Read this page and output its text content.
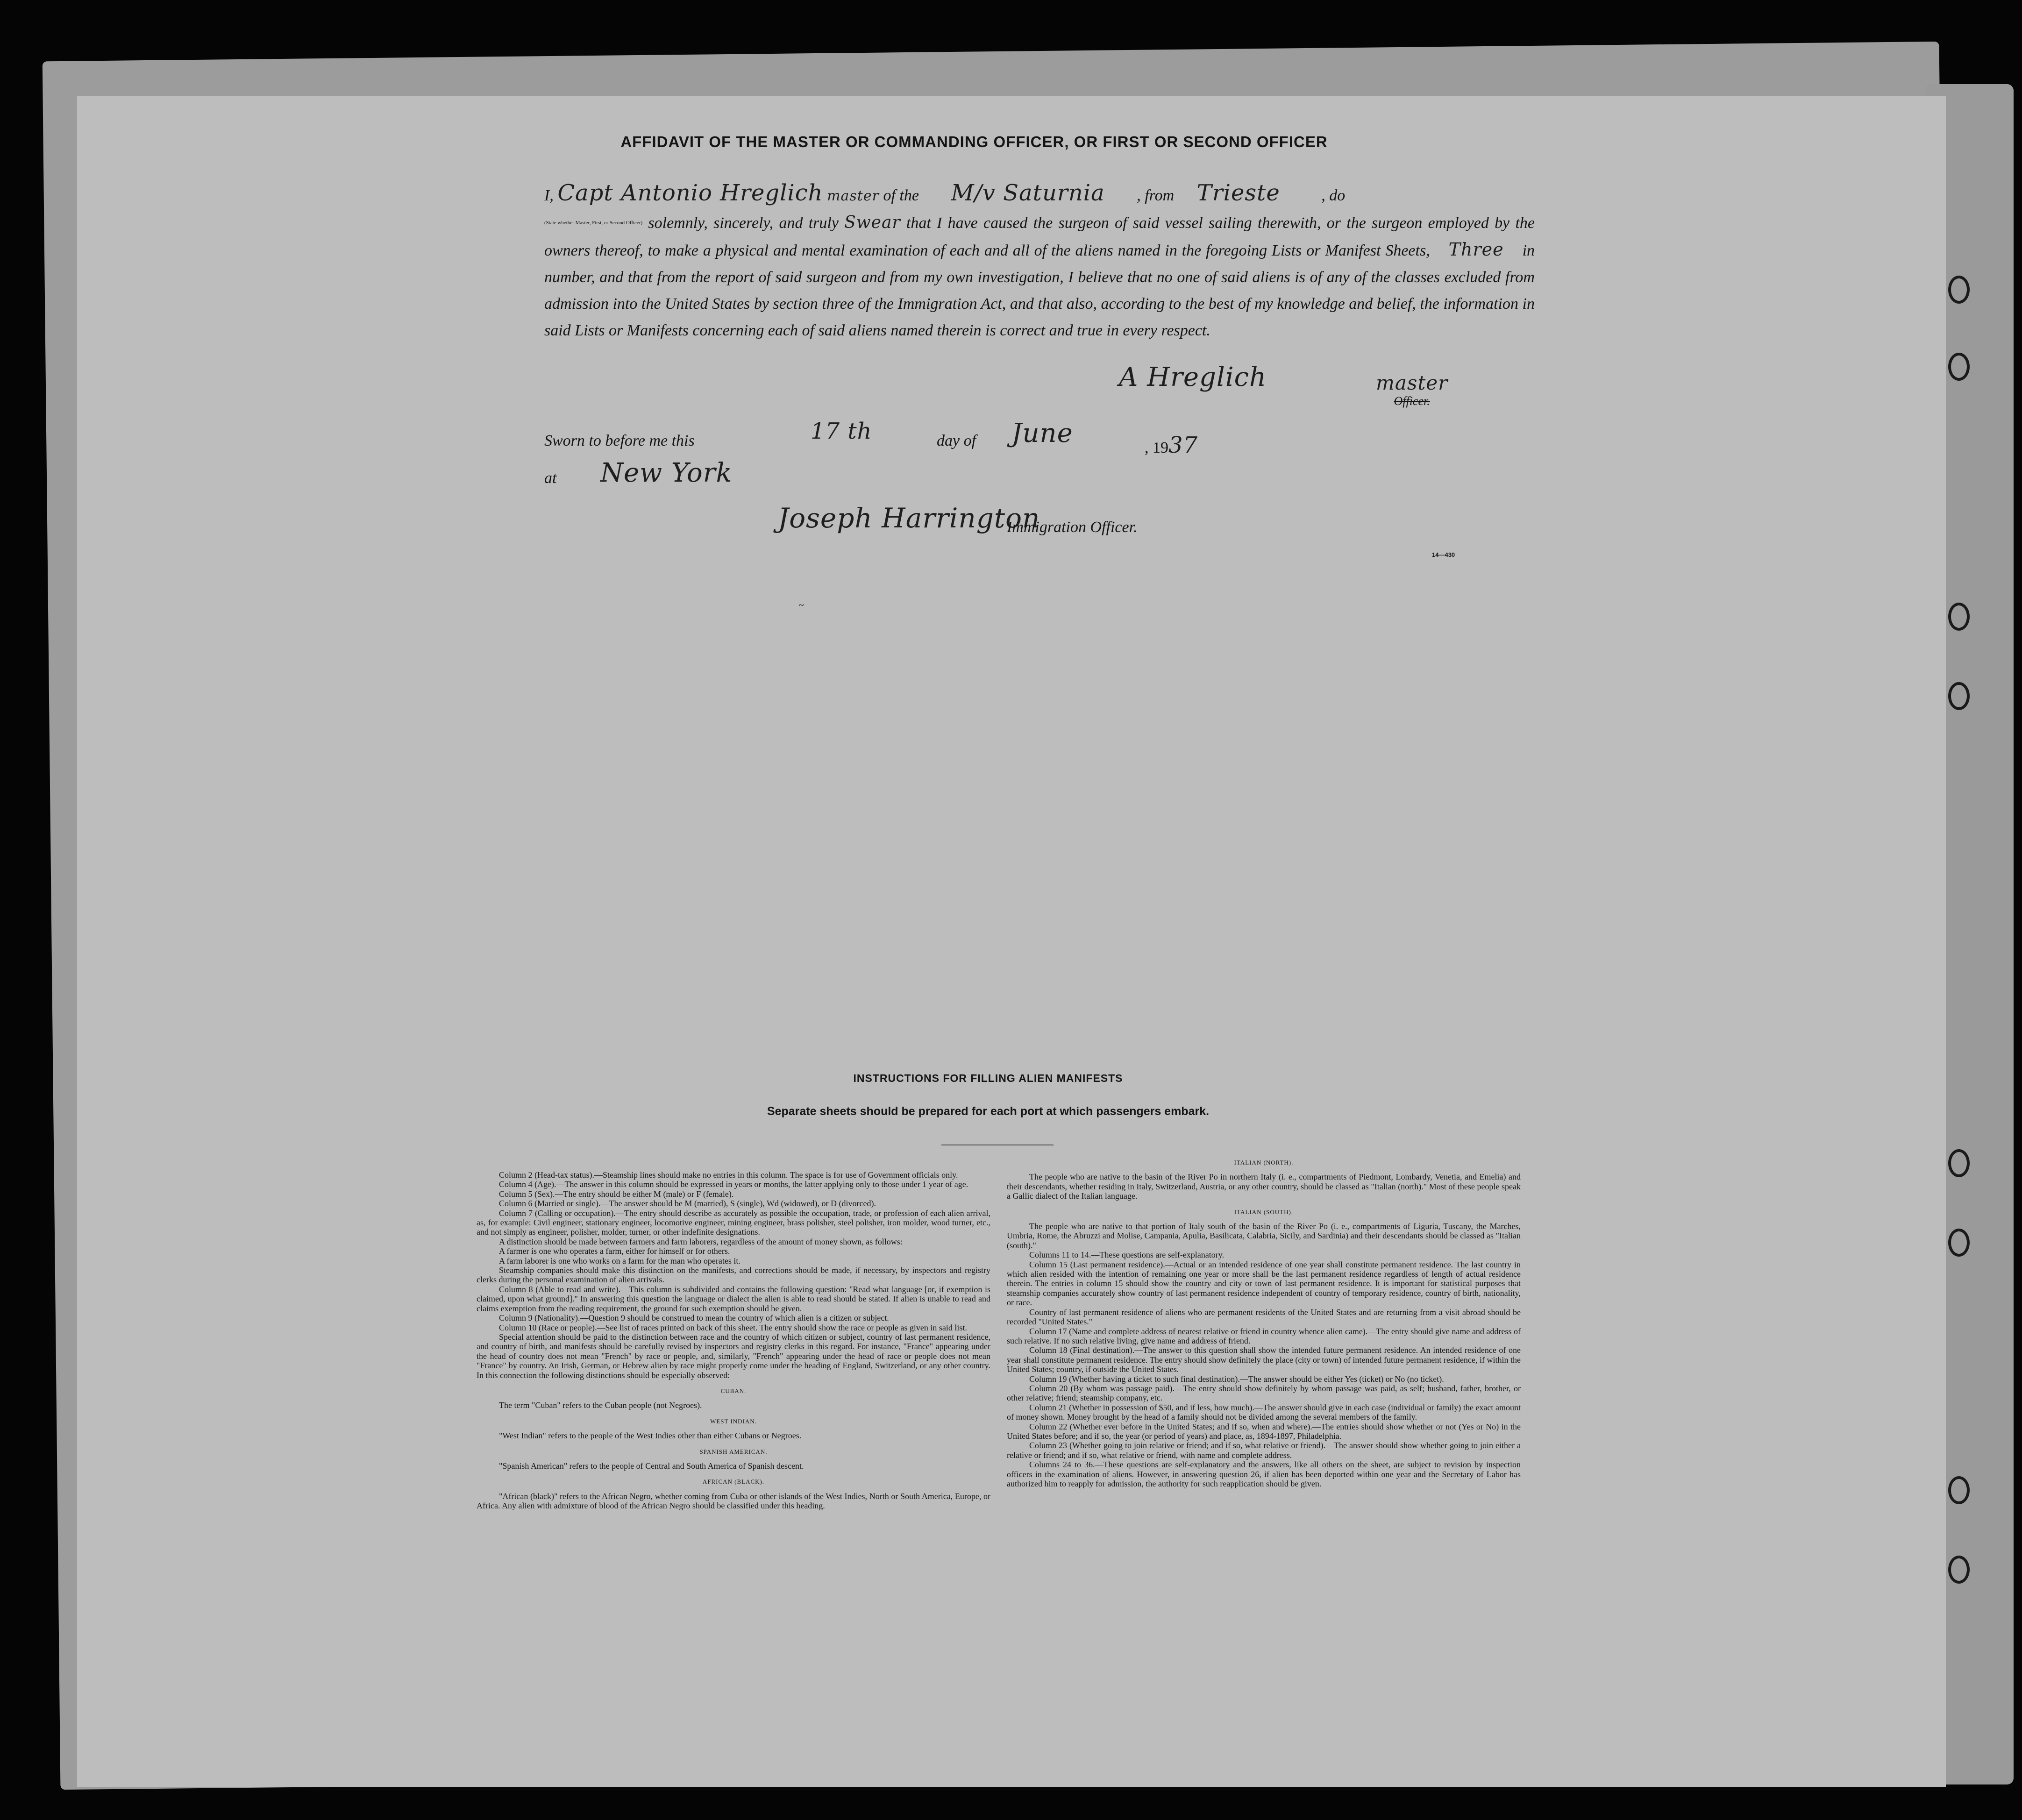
AFFIDAVIT OF THE MASTER OR COMMANDING OFFICER, OR FIRST OR SECOND OFFICER
I, Capt Antonio Hreglich master of the M/v Saturnia , from Trieste	, do
(State whether Master, First, or Second Officer) solemnly, sincerely, and truly Swear that I have caused the surgeon of said vessel sailing therewith, or the surgeon employed by the owners thereof, to make a physical and mental examination of each and all of the aliens named in the foregoing Lists or Manifest Sheets, Three in number, and that from the report of said surgeon and from my own investigation, I believe that no one of said aliens is of any of the classes excluded from admission into the United States by section three of the Immigration Act, and that also, according to the best of my knowledge and belief, the information in said Lists or Manifests concerning each of said aliens named therein is correct and true in every respect.
A Hreglich	master
Officer.
Sworn to before me this	17 th	day of June	, 1937
at New York
Joseph Harrington
Immigration Officer.
14—430
~
INSTRUCTIONS FOR FILLING ALIEN MANIFESTS
Separate sheets should be prepared for each port at which passengers embark.

Column 2 (Head-tax status).—Steamship lines should make no entries in this column. The space is for use of Government officials only.

Column 4 (Age).—The answer in this column should be expressed in years or months, the latter applying only to those under 1 year of age.

Column 5 (Sex).—The entry should be either M (male) or F (female).

Column 6 (Married or single).—The answer should be M (married), S (single), Wd (widowed), or D (divorced).

Column 7 (Calling or occupation).—The entry should describe as accurately as possible the occupation, trade, or profession of each alien arrival, as, for example: Civil engineer, stationary engineer, locomotive engineer, mining engineer, brass polisher, steel polisher, iron molder, wood turner, etc., and not simply as engineer, polisher, molder, turner, or other indefinite designations.

A distinction should be made between farmers and farm laborers, regardless of the amount of money shown, as follows:

A farmer is one who operates a farm, either for himself or for others.

A farm laborer is one who works on a farm for the man who operates it.

Steamship companies should make this distinction on the manifests, and corrections should be made, if necessary, by inspectors and registry clerks during the personal examination of alien arrivals.

Column 8 (Able to read and write).—This column is subdivided and contains the following question: "Read what language [or, if exemption is claimed, upon what ground]." In answering this question the language or dialect the alien is able to read should be stated. If alien is unable to read and claims exemption from the reading requirement, the ground for such exemption should be given.

Column 9 (Nationality).—Question 9 should be construed to mean the country of which alien is a citizen or subject.

Column 10 (Race or people).—See list of races printed on back of this sheet. The entry should show the race or people as given in said list.

Special attention should be paid to the distinction between race and the country of which citizen or subject, country of last permanent residence, and country of birth, and manifests should be carefully revised by inspectors and registry clerks in this regard. For instance, "France" appearing under the head of country does not mean "French" by race or people, and, similarly, "French" appearing under the head of race or people does not mean "France" by country. An Irish, German, or Hebrew alien by race might properly come under the heading of England, Switzerland, or any other country. In this connection the following distinctions should be especially observed:

CUBAN.

The term "Cuban" refers to the Cuban people (not Negroes).

WEST INDIAN.

"West Indian" refers to the people of the West Indies other than either Cubans or Negroes.

SPANISH AMERICAN.

"Spanish American" refers to the people of Central and South America of Spanish descent.

AFRICAN (BLACK).

"African (black)" refers to the African Negro, whether coming from Cuba or other islands of the West Indies, North or South America, Europe, or Africa. Any alien with admixture of blood of the African Negro should be classified under this heading.

ITALIAN (NORTH).

The people who are native to the basin of the River Po in northern Italy (i. e., compartments of Piedmont, Lombardy, Venetia, and Emelia) and their descendants, whether residing in Italy, Switzerland, Austria, or any other country, should be classed as "Italian (north)." Most of these people speak a Gallic dialect of the Italian language.

ITALIAN (SOUTH).

The people who are native to that portion of Italy south of the basin of the River Po (i. e., compartments of Liguria, Tuscany, the Marches, Umbria, Rome, the Abruzzi and Molise, Campania, Apulia, Basilicata, Calabria, Sicily, and Sardinia) and their descendants should be classed as "Italian (south)."

Columns 11 to 14.—These questions are self-explanatory.

Column 15 (Last permanent residence).—Actual or an intended residence of one year shall constitute permanent residence. The last country in which alien resided with the intention of remaining one year or more shall be the last permanent residence regardless of length of actual residence therein. The entries in column 15 should show the country and city or town of last permanent residence. It is important for statistical purposes that steamship companies accurately show country of last permanent residence independent of country of temporary residence, country of birth, nationality, or race.

Country of last permanent residence of aliens who are permanent residents of the United States and are returning from a visit abroad should be recorded "United States."

Column 17 (Name and complete address of nearest relative or friend in country whence alien came).—The entry should give name and address of such relative. If no such relative living, give name and address of friend.

Column 18 (Final destination).—The answer to this question shall show the intended future permanent residence. An intended residence of one year shall constitute permanent residence. The entry should show definitely the place (city or town) of intended future permanent residence, if within the United States; country, if outside the United States.

Column 19 (Whether having a ticket to such final destination).—The answer should be either Yes (ticket) or No (no ticket).

Column 20 (By whom was passage paid).—The entry should show definitely by whom passage was paid, as self; husband, father, brother, or other relative; friend; steamship company, etc.

Column 21 (Whether in possession of $50, and if less, how much).—The answer should give in each case (individual or family) the exact amount of money shown. Money brought by the head of a family should not be divided among the several members of the family.

Column 22 (Whether ever before in the United States; and if so, when and where).—The entries should show whether or not (Yes or No) in the United States before; and if so, the year (or period of years) and place, as, 1894-1897, Philadelphia.

Column 23 (Whether going to join relative or friend; and if so, what relative or friend).—The answer should show whether going to join either a relative or friend; and if so, what relative or friend, with name and complete address.

Columns 24 to 36.—These questions are self-explanatory and the answers, like all others on the sheet, are subject to revision by inspection officers in the examination of aliens. However, in answering question 26, if alien has been deported within one year and the Secretary of Labor has authorized him to reapply for admission, the authority for such reapplication should be given.
